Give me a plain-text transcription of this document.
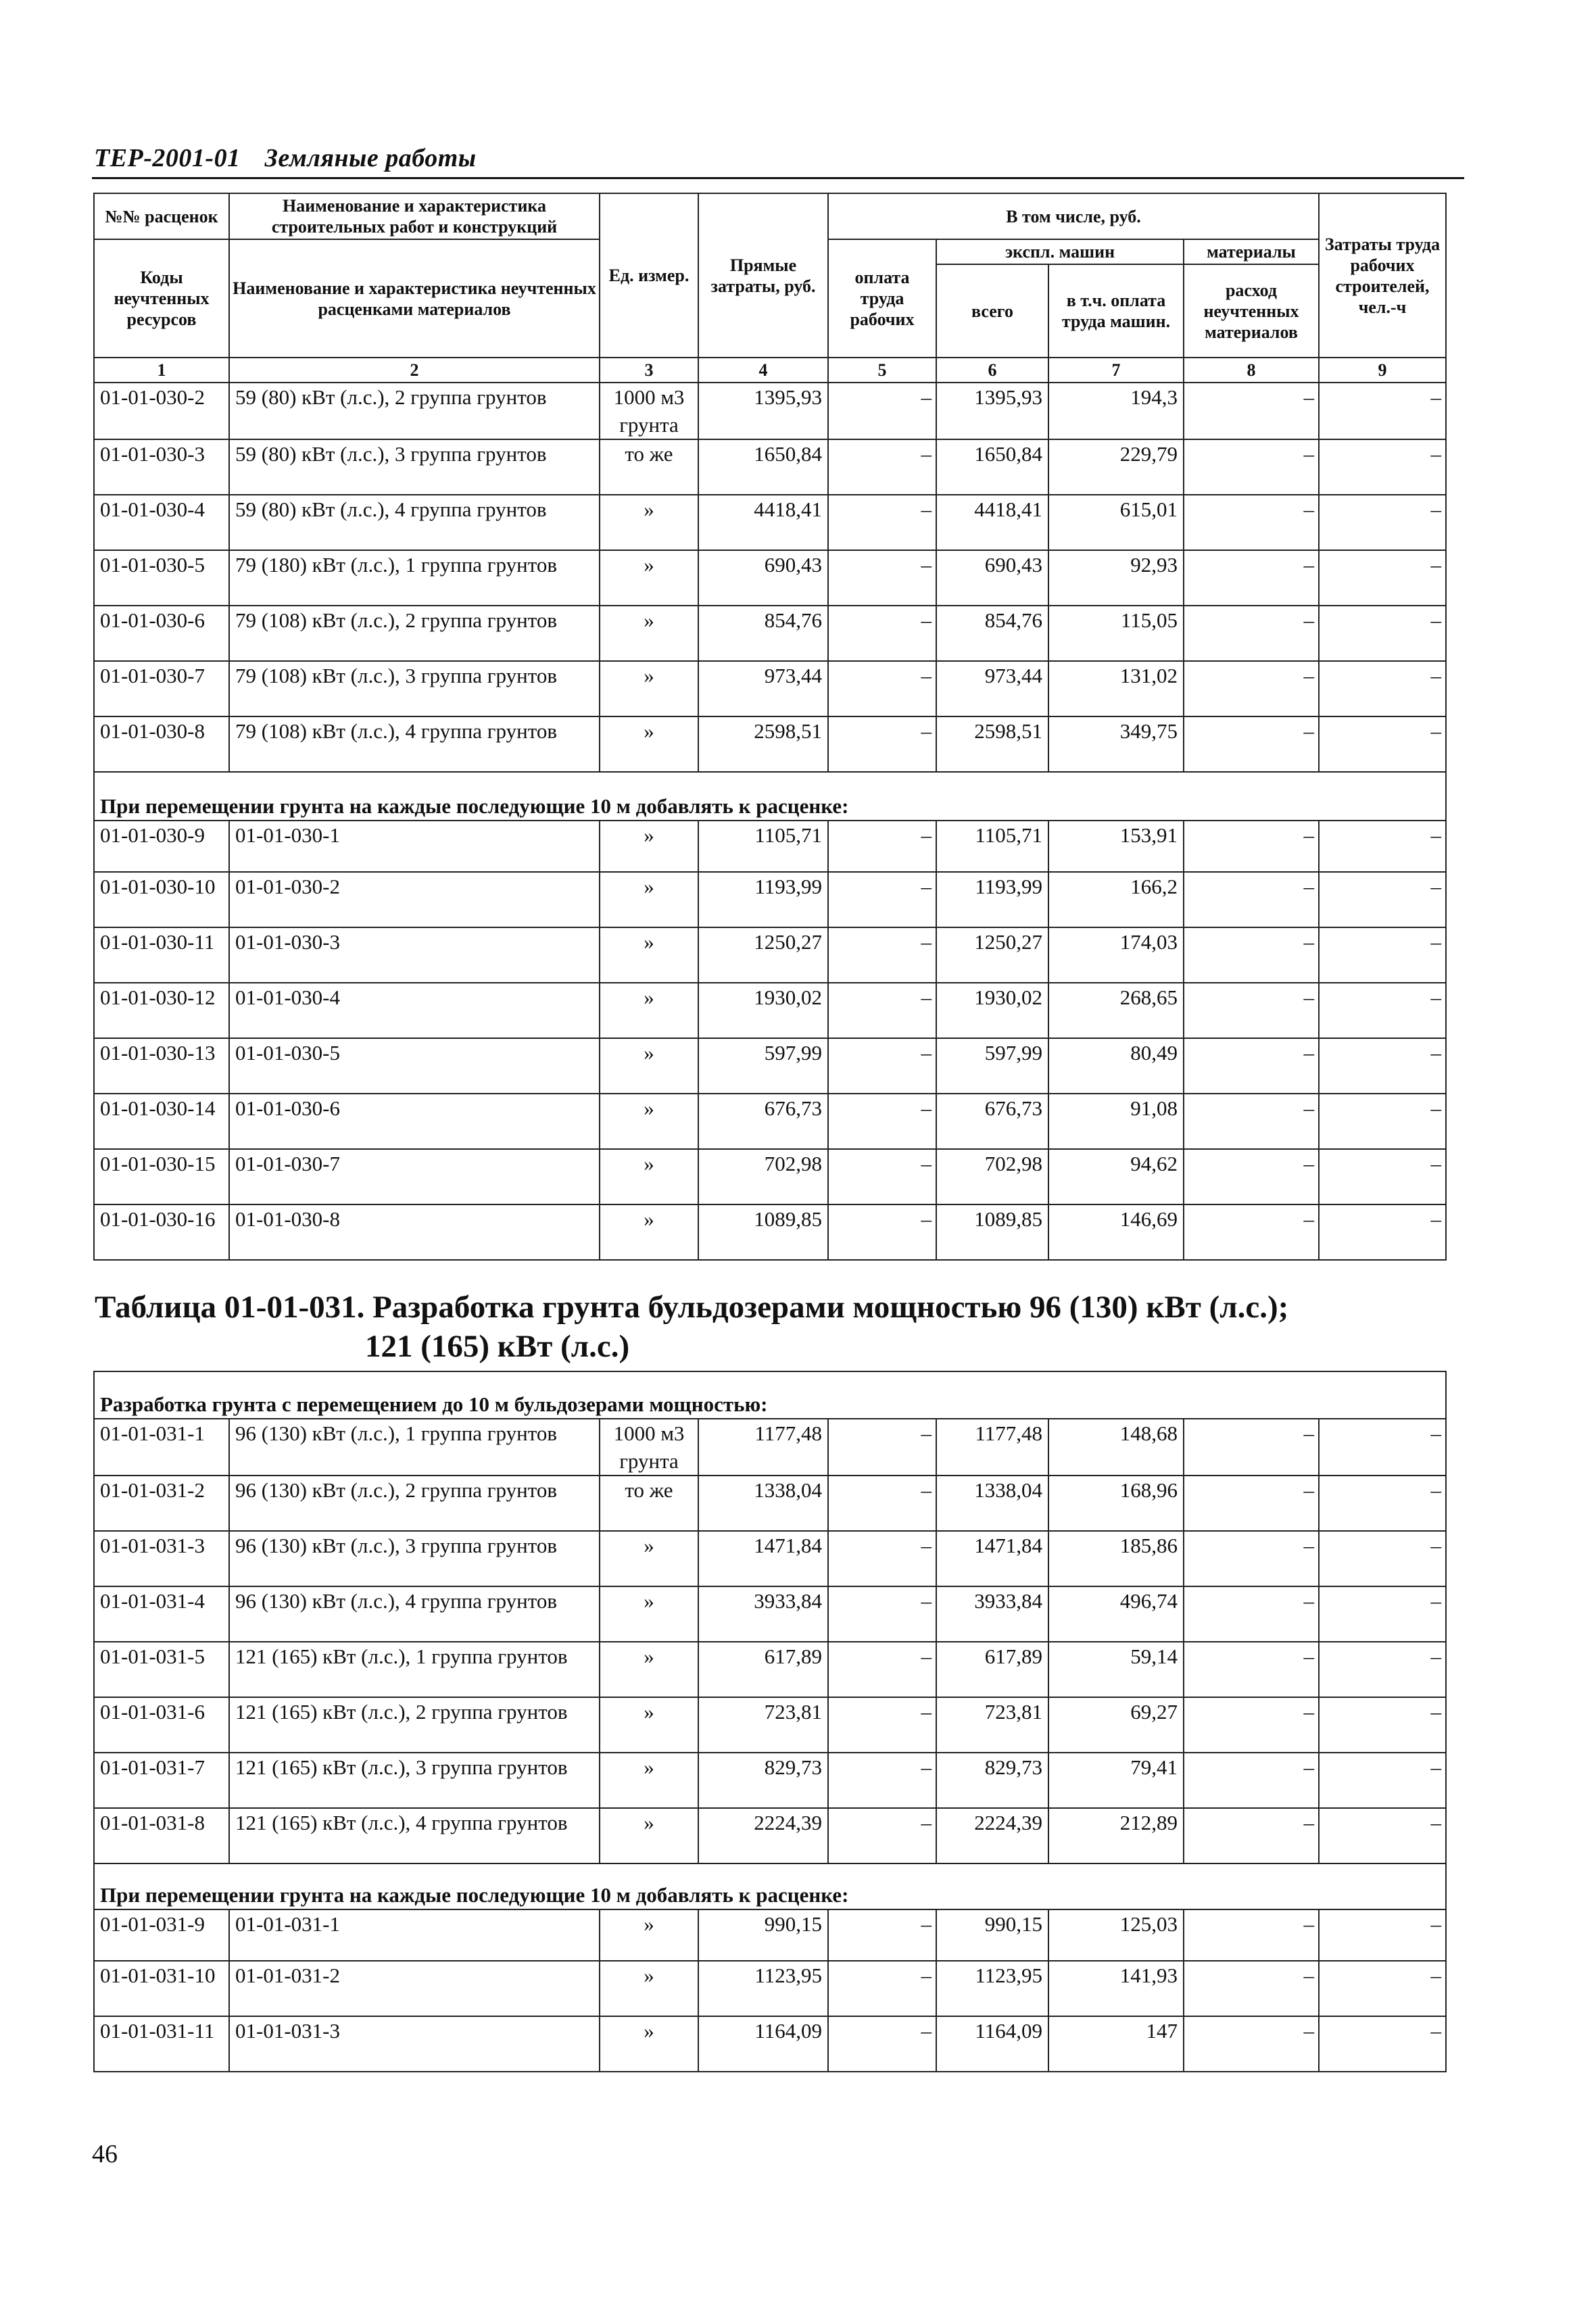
ТЕР-2001-01 Земляные работы
№№ расценок	Наименование и характеристика строительных работ и конструкций	Ед. измер.	Прямые затраты, руб.	В том числе, руб.				Затраты труда рабочих строителей, чел.-ч
Коды неучтенных ресурсов	Наименование и характеристика неучтенных расценками материалов			оплата труда рабочих	экспл. машин		материалы	
					всего	в т.ч. оплата труда машин.	расход неучтенных материалов	
1	2	3	4	5	6	7	8	9
01-01-030-2	59 (80) кВт (л.с.), 2 группа грунтов	1000 м3 грунта	1395,93	–	1395,93	194,3	–	–
01-01-030-3	59 (80) кВт (л.с.), 3 группа грунтов	то же	1650,84	–	1650,84	229,79	–	–
01-01-030-4	59 (80) кВт (л.с.), 4 группа грунтов	»	4418,41	–	4418,41	615,01	–	–
01-01-030-5	79 (180) кВт (л.с.), 1 группа грунтов	»	690,43	–	690,43	92,93	–	–
01-01-030-6	79 (108) кВт (л.с.), 2 группа грунтов	»	854,76	–	854,76	115,05	–	–
01-01-030-7	79 (108) кВт (л.с.), 3 группа грунтов	»	973,44	–	973,44	131,02	–	–
01-01-030-8	79 (108) кВт (л.с.), 4 группа грунтов	»	2598,51	–	2598,51	349,75	–	–
При перемещении грунта на каждые последующие 10 м добавлять к расценке:								
01-01-030-9	01-01-030-1	»	1105,71	–	1105,71	153,91	–	–
01-01-030-10	01-01-030-2	»	1193,99	–	1193,99	166,2	–	–
01-01-030-11	01-01-030-3	»	1250,27	–	1250,27	174,03	–	–
01-01-030-12	01-01-030-4	»	1930,02	–	1930,02	268,65	–	–
01-01-030-13	01-01-030-5	»	597,99	–	597,99	80,49	–	–
01-01-030-14	01-01-030-6	»	676,73	–	676,73	91,08	–	–
01-01-030-15	01-01-030-7	»	702,98	–	702,98	94,62	–	–
01-01-030-16	01-01-030-8	»	1089,85	–	1089,85	146,69	–	–
Таблица 01-01-031. Разработка грунта бульдозерами мощностью 96 (130) кВт (л.с.);
121 (165) кВт (л.с.)
Разработка грунта с перемещением до 10 м бульдозерами мощностью:								
01-01-031-1	96 (130) кВт (л.с.), 1 группа грунтов	1000 м3 грунта	1177,48	–	1177,48	148,68	–	–
01-01-031-2	96 (130) кВт (л.с.), 2 группа грунтов	то же	1338,04	–	1338,04	168,96	–	–
01-01-031-3	96 (130) кВт (л.с.), 3 группа грунтов	»	1471,84	–	1471,84	185,86	–	–
01-01-031-4	96 (130) кВт (л.с.), 4 группа грунтов	»	3933,84	–	3933,84	496,74	–	–
01-01-031-5	121 (165) кВт (л.с.), 1 группа грунтов	»	617,89	–	617,89	59,14	–	–
01-01-031-6	121 (165) кВт (л.с.), 2 группа грунтов	»	723,81	–	723,81	69,27	–	–
01-01-031-7	121 (165) кВт (л.с.), 3 группа грунтов	»	829,73	–	829,73	79,41	–	–
01-01-031-8	121 (165) кВт (л.с.), 4 группа грунтов	»	2224,39	–	2224,39	212,89	–	–
При перемещении грунта на каждые последующие 10 м добавлять к расценке:								
01-01-031-9	01-01-031-1	»	990,15	–	990,15	125,03	–	–
01-01-031-10	01-01-031-2	»	1123,95	–	1123,95	141,93	–	–
01-01-031-11	01-01-031-3	»	1164,09	–	1164,09	147	–	–
46
